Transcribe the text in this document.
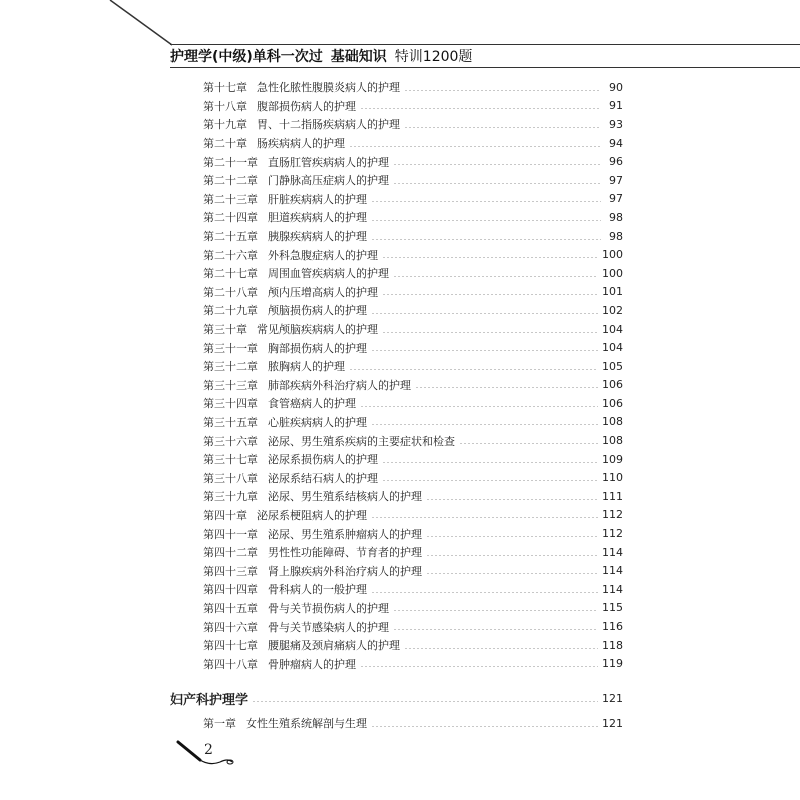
护理学(中级)单科一次过 基础知识 特训1200题
第十七章 急性化脓性腹膜炎病人的护理	90
第十八章 腹部损伤病人的护理	91
第十九章 胃、十二指肠疾病病人的护理	93
第二十章 肠疾病病人的护理	94
第二十一章 直肠肛管疾病病人的护理	96
第二十二章 门静脉高压症病人的护理	97
第二十三章 肝脏疾病病人的护理	97
第二十四章 胆道疾病病人的护理	98
第二十五章 胰腺疾病病人的护理	98
第二十六章 外科急腹症病人的护理	100
第二十七章 周围血管疾病病人的护理	100
第二十八章 颅内压增高病人的护理	101
第二十九章 颅脑损伤病人的护理	102
第三十章 常见颅脑疾病病人的护理	104
第三十一章 胸部损伤病人的护理	104
第三十二章 脓胸病人的护理	105
第三十三章 肺部疾病外科治疗病人的护理	106
第三十四章 食管癌病人的护理	106
第三十五章 心脏疾病病人的护理	108
第三十六章 泌尿、男生殖系疾病的主要症状和检查	108
第三十七章 泌尿系损伤病人的护理	109
第三十八章 泌尿系结石病人的护理	110
第三十九章 泌尿、男生殖系结核病人的护理	111
第四十章 泌尿系梗阻病人的护理	112
第四十一章 泌尿、男生殖系肿瘤病人的护理	112
第四十二章 男性性功能障碍、节育者的护理	114
第四十三章 肾上腺疾病外科治疗病人的护理	114
第四十四章 骨科病人的一般护理	114
第四十五章 骨与关节损伤病人的护理	115
第四十六章 骨与关节感染病人的护理	116
第四十七章 腰腿痛及颈肩痛病人的护理	118
第四十八章 骨肿瘤病人的护理	119
妇产科护理学	121
第一章 女性生殖系统解剖与生理	121
2
